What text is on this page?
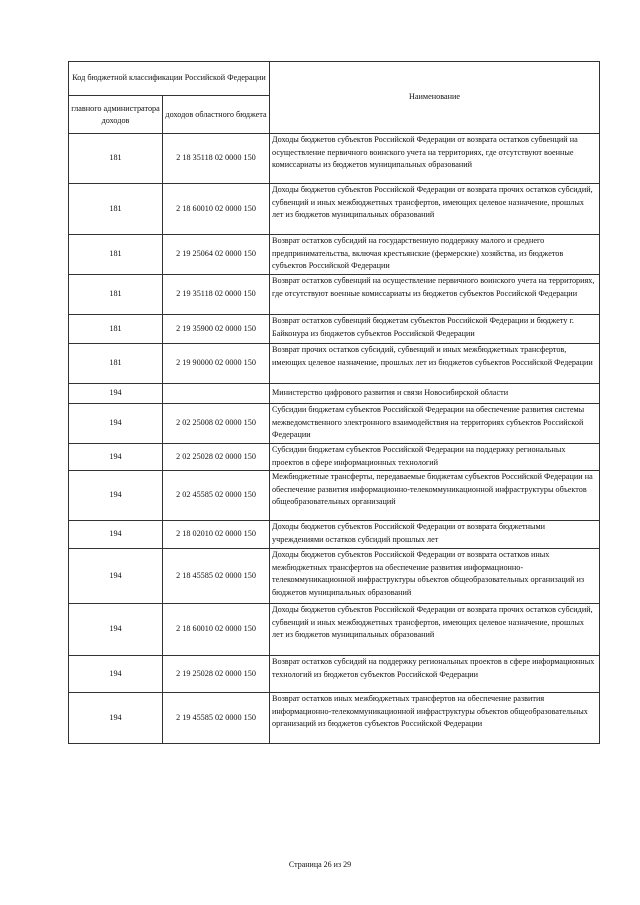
Код бюджетной классификации Российской Федерации		Наименование
главного администратора доходов	доходов областного бюджета	
181	2 18 35118 02 0000 150	Доходы бюджетов субъектов Российской Федерации от возврата остатков субвенций на осуществление первичного воинского учета на территориях, где отсутствуют военные комиссариаты из бюджетов муниципальных образований
181	2 18 60010 02 0000 150	Доходы бюджетов субъектов Российской Федерации от возврата прочих остатков субсидий, субвенций и иных межбюджетных трансфертов, имеющих целевое назначение, прошлых лет из бюджетов муниципальных образований
181	2 19 25064 02 0000 150	Возврат остатков субсидий на государственную поддержку малого и среднего предпринимательства, включая крестьянские (фермерские) хозяйства, из бюджетов субъектов Российской Федерации
181	2 19 35118 02 0000 150	Возврат остатков субвенций на осуществление первичного воинского учета на территориях, где отсутствуют военные комиссариаты из бюджетов субъектов Российской Федерации
181	2 19 35900 02 0000 150	Возврат остатков субвенций бюджетам субъектов Российской Федерации и бюджету г. Байконура из бюджетов субъектов Российской Федерации
181	2 19 90000 02 0000 150	Возврат прочих остатков субсидий, субвенций и иных межбюджетных трансфертов, имеющих целевое назначение, прошлых лет из бюджетов субъектов Российской Федерации
194		Министерство цифрового развития и связи Новосибирской области
194	2 02 25008 02 0000 150	Субсидии бюджетам субъектов Российской Федерации на обеспечение развития системы межведомственного электронного взаимодействия на территориях субъектов Российской Федерации
194	2 02 25028 02 0000 150	Субсидии бюджетам субъектов Российской Федерации на поддержку региональных проектов в сфере информационных технологий
194	2 02 45585 02 0000 150	Межбюджетные трансферты, передаваемые бюджетам субъектов Российской Федерации на обеспечение развития информационно-телекоммуникационной инфраструктуры объектов общеобразовательных организаций
194	2 18 02010 02 0000 150	Доходы бюджетов субъектов Российской Федерации от возврата бюджетными учреждениями остатков субсидий прошлых лет
194	2 18 45585 02 0000 150	Доходы бюджетов субъектов Российской Федерации от возврата остатков иных межбюджетных трансфертов на обеспечение развития информационно-телекоммуникационной инфраструктуры объектов общеобразовательных организаций из бюджетов муниципальных образований
194	2 18 60010 02 0000 150	Доходы бюджетов субъектов Российской Федерации от возврата прочих остатков субсидий, субвенций и иных межбюджетных трансфертов, имеющих целевое назначение, прошлых лет из бюджетов муниципальных образований
194	2 19 25028 02 0000 150	Возврат остатков субсидий на поддержку региональных проектов в сфере информационных технологий из бюджетов субъектов Российской Федерации
194	2 19 45585 02 0000 150	Возврат остатков иных межбюджетных трансфертов на обеспечение развития информационно-телекоммуникационной инфраструктуры объектов общеобразовательных организаций из бюджетов субъектов Российской Федерации
Страница 26 из 29
